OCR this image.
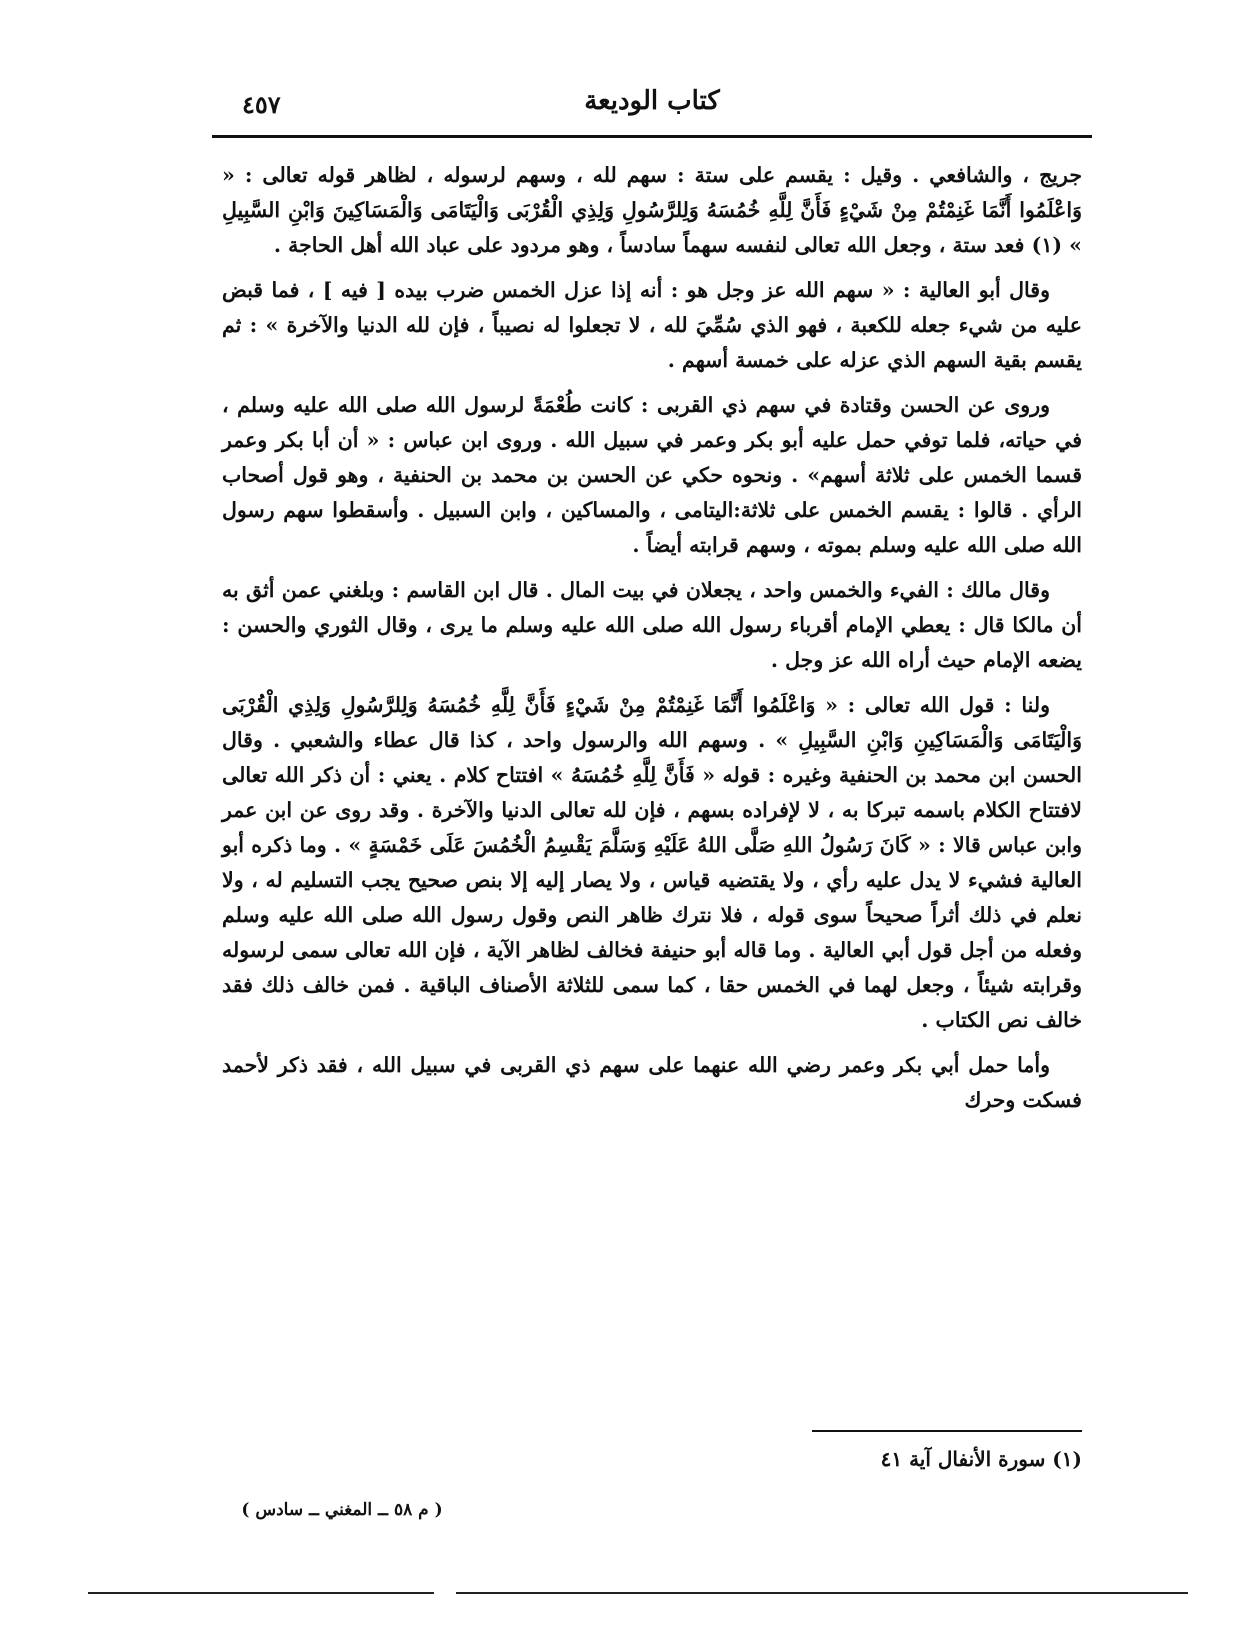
٤٥٧	كتاب الوديعة

جريج ، والشافعي . وقيل : يقسم على ستة : سهم لله ، وسهم لرسوله ، لظاهر قوله تعالى : « وَاعْلَمُوا أَنَّمَا غَنِمْتُمْ مِنْ شَيْءٍ فَأَنَّ لِلَّهِ خُمُسَهُ وَلِلرَّسُولِ وَلِذِي الْقُرْبَى وَالْيَتَامَى وَالْمَسَاكِينَ وَابْنِ السَّبِيلِ » (١) فعد ستة ، وجعل الله تعالى لنفسه سهماً سادساً ، وهو مردود على عباد الله أهل الحاجة .

وقال أبو العالية : « سهم الله عز وجل هو : أنه إذا عزل الخمس ضرب بيده [ فيه ] ، فما قبض عليه من شيء جعله للكعبة ، فهو الذي سُمِّيَ لله ، لا تجعلوا له نصيباً ، فإن لله الدنيا والآخرة » : ثم يقسم بقية السهم الذي عزله على خمسة أسهم .

وروى عن الحسن وقتادة في سهم ذي القربى : كانت طُعْمَةً لرسول الله صلى الله عليه وسلم ، في حياته، فلما توفي حمل عليه أبو بكر وعمر في سبيل الله . وروى ابن عباس : « أن أبا بكر وعمر قسما الخمس على ثلاثة أسهم» . ونحوه حكي عن الحسن بن محمد بن الحنفية ، وهو قول أصحاب الرأي . قالوا : يقسم الخمس على ثلاثة:اليتامى ، والمساكين ، وابن السبيل . وأسقطوا سهم رسول الله صلى الله عليه وسلم بموته ، وسهم قرابته أيضاً .

وقال مالك : الفيء والخمس واحد ، يجعلان في بيت المال . قال ابن القاسم : وبلغني عمن أثق به أن مالكا قال : يعطي الإمام أقرباء رسول الله صلى الله عليه وسلم ما يرى ، وقال الثوري والحسن : يضعه الإمام حيث أراه الله عز وجل .

ولنا : قول الله تعالى : « وَاعْلَمُوا أَنَّمَا غَنِمْتُمْ مِنْ شَيْءٍ فَأَنَّ لِلَّهِ خُمُسَهُ وَلِلرَّسُولِ وَلِذِي الْقُرْبَى وَالْيَتَامَى وَالْمَسَاكِينِ وَابْنِ السَّبِيلِ » . وسهم الله والرسول واحد ، كذا قال عطاء والشعبي . وقال الحسن ابن محمد بن الحنفية وغيره : قوله « فَأَنَّ لِلَّهِ خُمُسَهُ » افتتاح كلام . يعني : أن ذكر الله تعالى لافتتاح الكلام باسمه تبركا به ، لا لإفراده بسهم ، فإن لله تعالى الدنيا والآخرة . وقد روى عن ابن عمر وابن عباس قالا : « كَانَ رَسُولُ اللهِ صَلَّى اللهُ عَلَيْهِ وَسَلَّمَ يَقْسِمُ الْخُمُسَ عَلَى خَمْسَةٍ » . وما ذكره أبو العالية فشيء لا يدل عليه رأي ، ولا يقتضيه قياس ، ولا يصار إليه إلا بنص صحيح يجب التسليم له ، ولا نعلم في ذلك أثراً صحيحاً سوى قوله ، فلا نترك ظاهر النص وقول رسول الله صلى الله عليه وسلم وفعله من أجل قول أبي العالية . وما قاله أبو حنيفة فخالف لظاهر الآية ، فإن الله تعالى سمى لرسوله وقرابته شيئاً ، وجعل لهما في الخمس حقا ، كما سمى للثلاثة الأصناف الباقية . فمن خالف ذلك فقد خالف نص الكتاب .

وأما حمل أبي بكر وعمر رضي الله عنهما على سهم ذي القربى في سبيل الله ، فقد ذكر لأحمد فسكت وحرك

(١) سورة الأنفال آية ٤١
( م ٥٨ ــ المغني ــ سادس )
